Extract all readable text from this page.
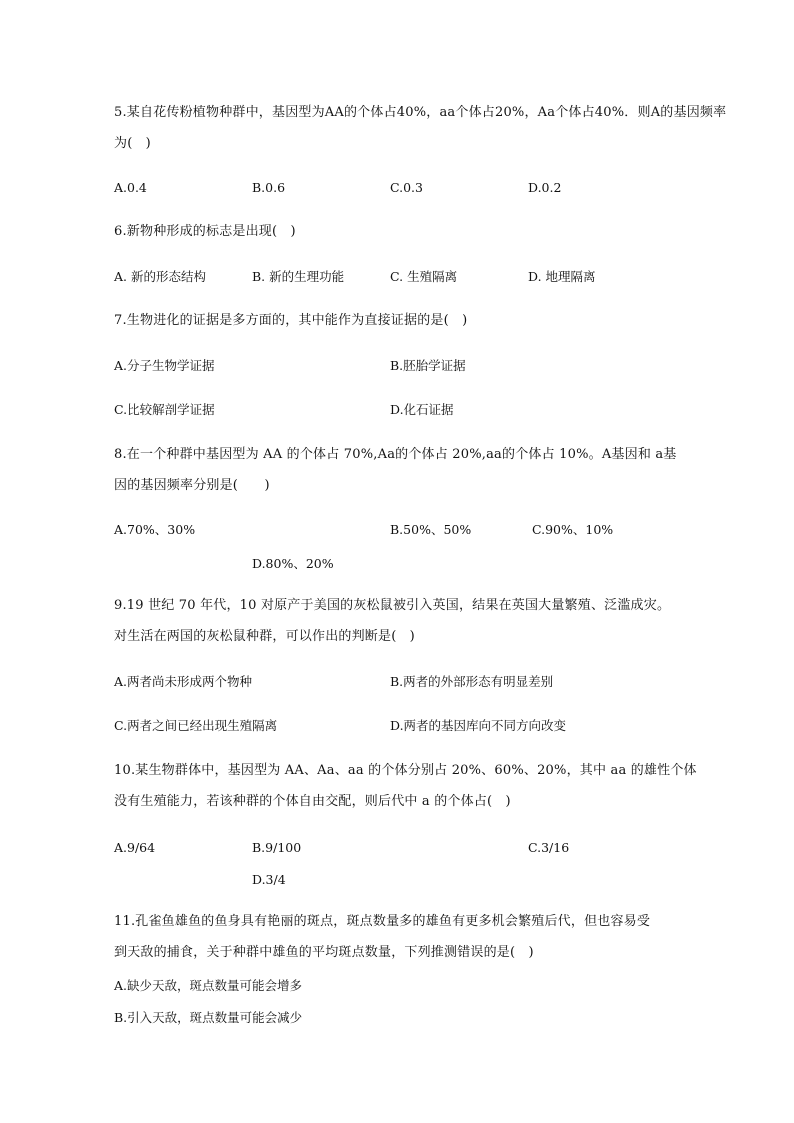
5.某自花传粉植物种群中，基因型为AA的个体占40%，aa个体占20%，Aa个体占40%．则A的基因频率
为(　)
A.0.4	B.0.6	C.0.3	D.0.2
6.新物种形成的标志是出现(　)
A. 新的形态结构	B. 新的生理功能	C. 生殖隔离	D. 地理隔离
7.生物进化的证据是多方面的，其中能作为直接证据的是(　)
A.分子生物学证据	B.胚胎学证据
C.比较解剖学证据	D.化石证据
8.在一个种群中基因型为 AA 的个体占 70%,Aa的个体占 20%,aa的个体占 10%。A基因和 a基
因的基因频率分别是(　　)
A.70%、30%	B.50%、50%	C.90%、10%
D.80%、20%
9.19 世纪 70 年代，10 对原产于美国的灰松鼠被引入英国，结果在英国大量繁殖、泛滥成灾。
对生活在两国的灰松鼠种群，可以作出的判断是(　)
A.两者尚未形成两个物种	B.两者的外部形态有明显差别
C.两者之间已经出现生殖隔离	D.两者的基因库向不同方向改变
10.某生物群体中，基因型为 AA、Aa、aa 的个体分别占 20%、60%、20%，其中 aa 的雄性个体
没有生殖能力，若该种群的个体自由交配，则后代中 a 的个体占(　)
A.9/64	B.9/100	C.3/16
D.3/4
11.孔雀鱼雄鱼的鱼身具有艳丽的斑点，斑点数量多的雄鱼有更多机会繁殖后代，但也容易受
到天敌的捕食，关于种群中雄鱼的平均斑点数量，下列推测错误的是(　)
A.缺少天敌，斑点数量可能会增多
B.引入天敌，斑点数量可能会减少
